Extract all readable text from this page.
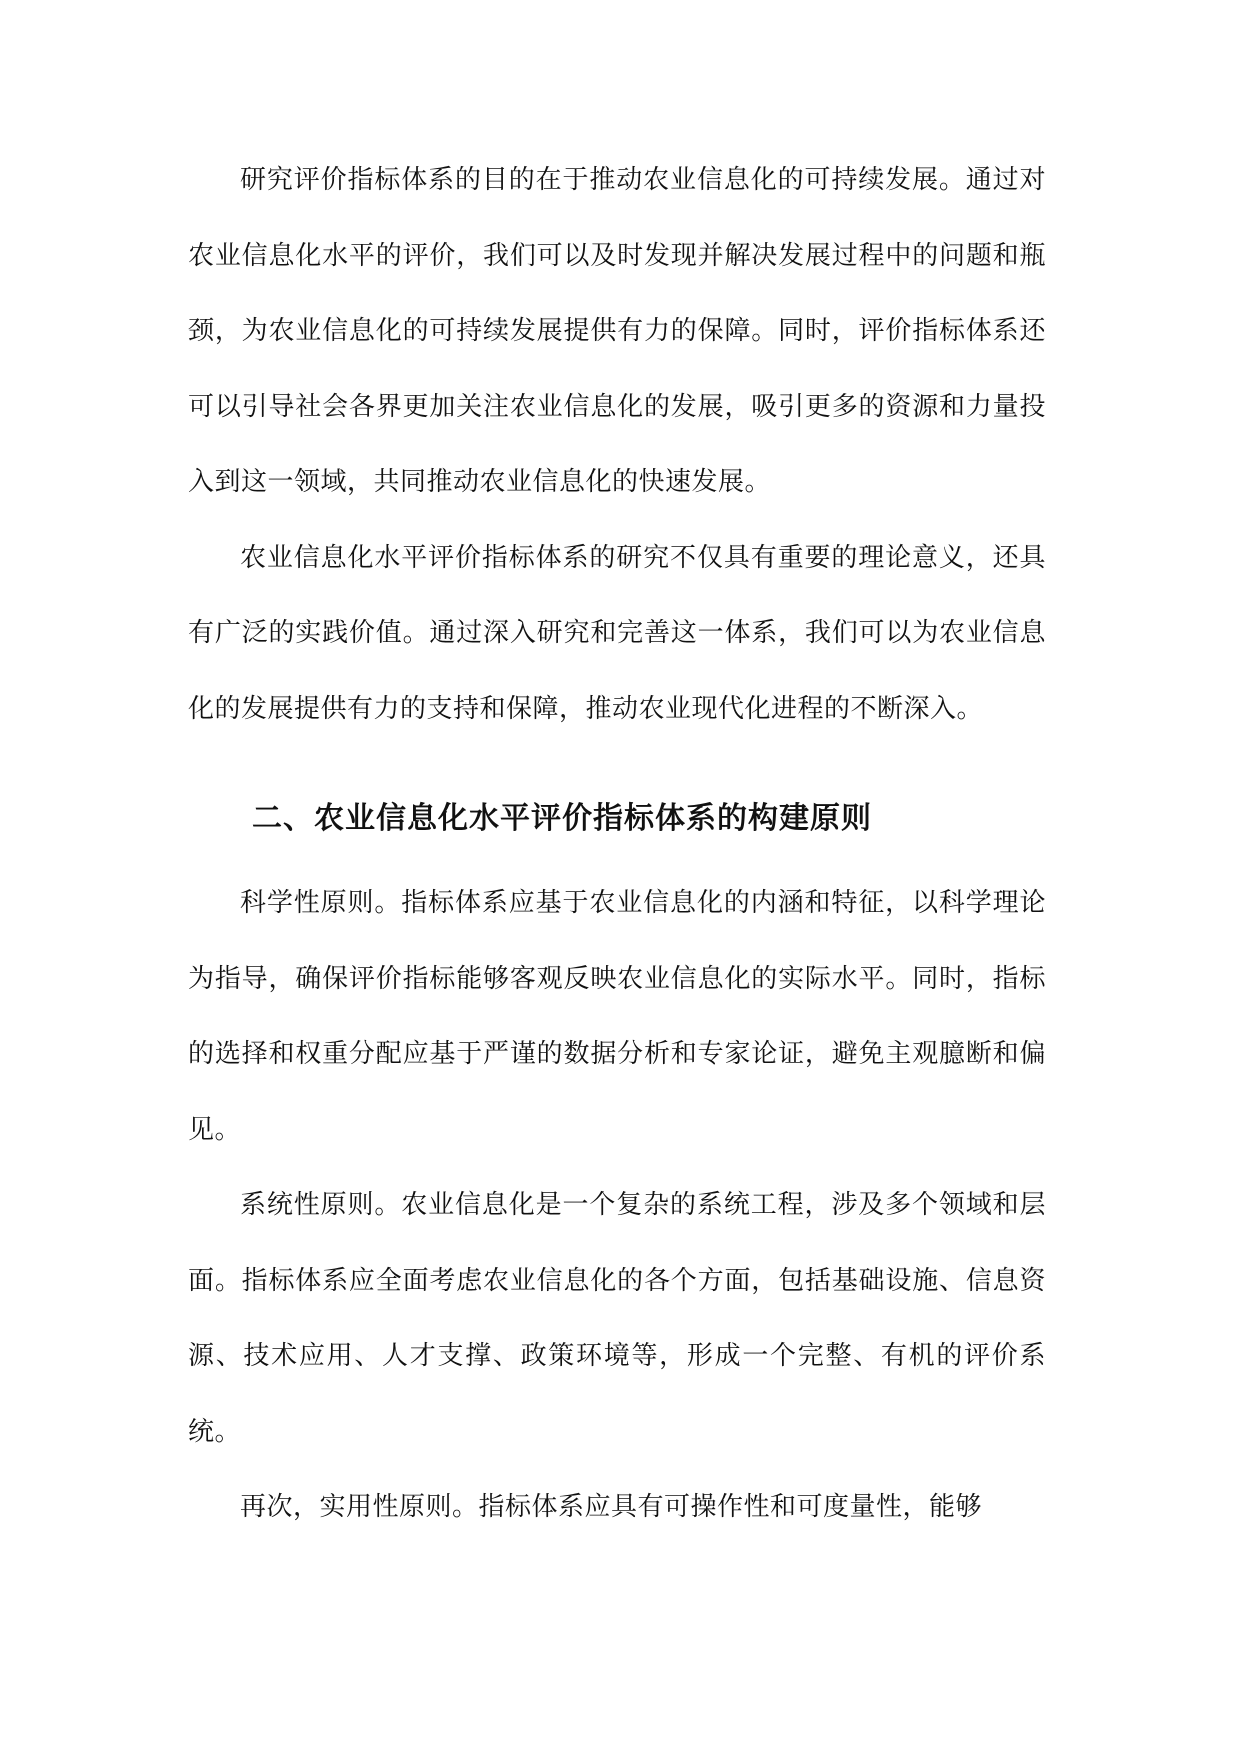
研究评价指标体系的目的在于推动农业信息化的可持续发展。通过对农业信息化水平的评价，我们可以及时发现并解决发展过程中的问题和瓶颈，为农业信息化的可持续发展提供有力的保障。同时，评价指标体系还可以引导社会各界更加关注农业信息化的发展，吸引更多的资源和力量投入到这一领域，共同推动农业信息化的快速发展。

农业信息化水平评价指标体系的研究不仅具有重要的理论意义，还具有广泛的实践价值。通过深入研究和完善这一体系，我们可以为农业信息化的发展提供有力的支持和保障，推动农业现代化进程的不断深入。

二、农业信息化水平评价指标体系的构建原则

科学性原则。指标体系应基于农业信息化的内涵和特征，以科学理论为指导，确保评价指标能够客观反映农业信息化的实际水平。同时，指标的选择和权重分配应基于严谨的数据分析和专家论证，避免主观臆断和偏见。

系统性原则。农业信息化是一个复杂的系统工程，涉及多个领域和层面。指标体系应全面考虑农业信息化的各个方面，包括基础设施、信息资源、技术应用、人才支撑、政策环境等，形成一个完整、有机的评价系统。

再次，实用性原则。指标体系应具有可操作性和可度量性，能够
